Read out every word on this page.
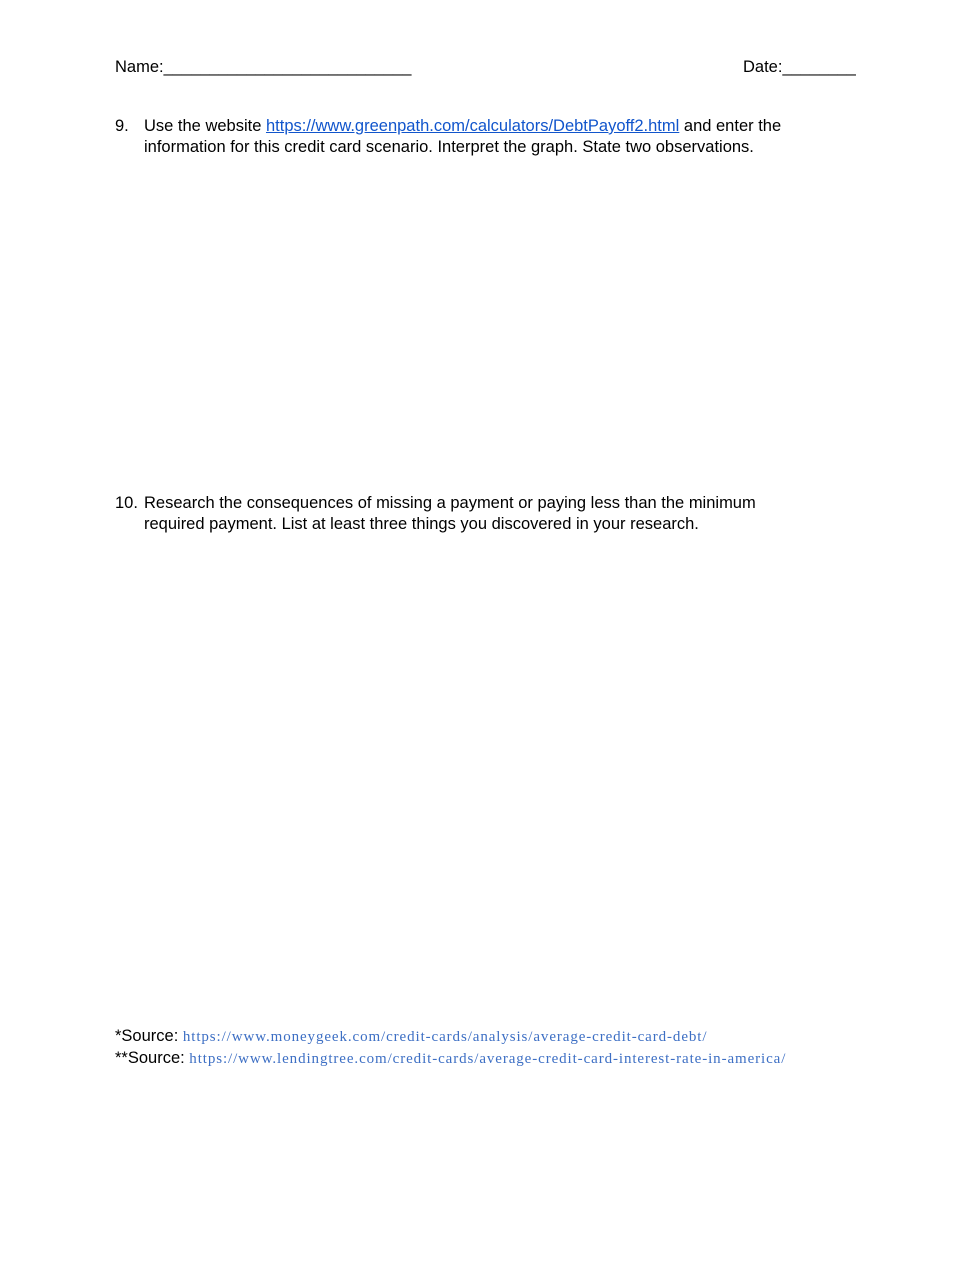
Name:___________________________	Date:________
9. Use the website https://www.greenpath.com/calculators/DebtPayoff2.html and enter the
information for this credit card scenario. Interpret the graph. State two observations.
10. Research the consequences of missing a payment or paying less than the minimum
required payment. List at least three things you discovered in your research.
*Source: https://www.moneygeek.com/credit-cards/analysis/average-credit-card-debt/
**Source: https://www.lendingtree.com/credit-cards/average-credit-card-interest-rate-in-america/
